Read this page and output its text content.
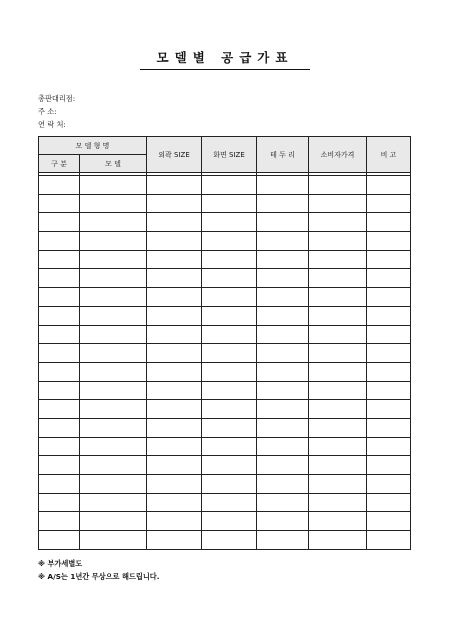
모델별 공급가표
총판대리점:
주 소:
연 락 처:
모 델 형 명		외곽 SIZE	화면 SIZE	테 두 리	소비자가격	비 고
구 분	모 델					

※ 부가세별도
※ A/S는 1년간 무상으로 해드립니다.
